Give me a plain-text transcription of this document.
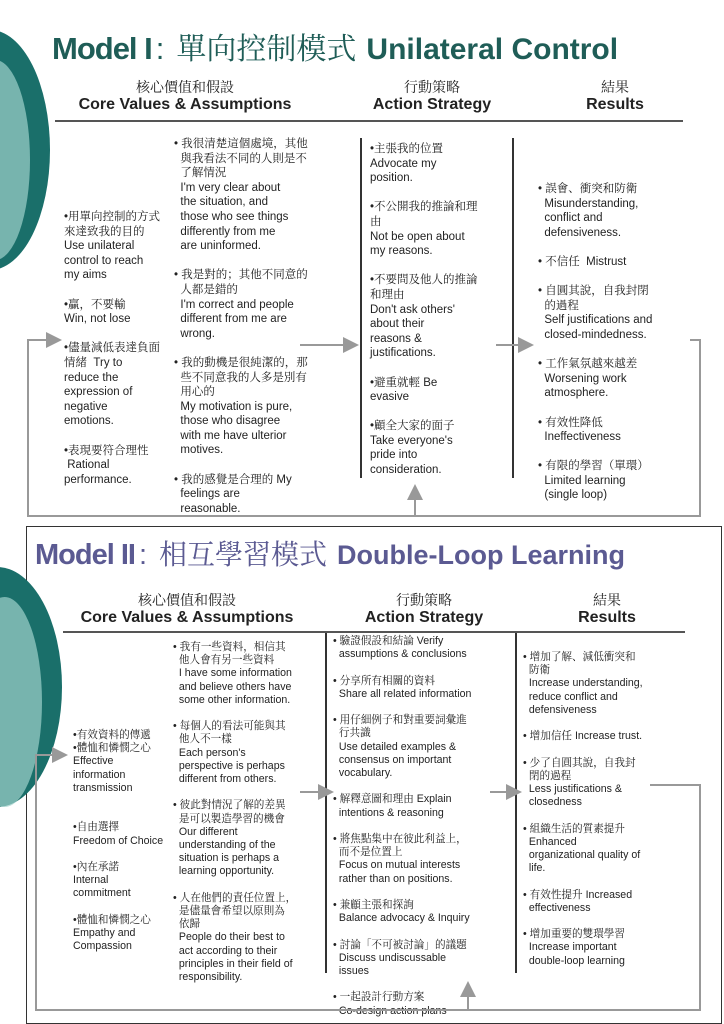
Model I : 單向控制模式 Unilateral Control
核心價值和假設
Core Values & Assumptions
行動策略
Action Strategy
結果
Results
•用單向控制的方式
來達致我的目的
Use unilateral
control to reach
my aims

•贏，不要輸
Win, not lose

•儘量減低表達負面
情緒  Try to
reduce the
expression of
negative
emotions.

•表現要符合理性
Rational
performance.
• 我很清楚這個處境，其他
與我看法不同的人則是不
了解情況
I'm very clear about
the situation, and
those who see things
differently from me
are uninformed.

• 我是對的；其他不同意的
人都是錯的
I'm correct and people
different from me are
wrong.

• 我的動機是很純潔的，那
些不同意我的人多是別有
用心的
My motivation is pure,
those who disagree
with me have ulterior
motives.

• 我的感覺是合理的 My
feelings are
reasonable.
•主張我的位置
Advocate my
position.

•不公開我的推論和理
由
Not be open about
my reasons.

•不要問及他人的推論
和理由
Don't ask others'
about their
reasons &
justifications.

•避重就輕 Be
evasive

•顧全大家的面子
Take everyone's
pride into
consideration.
• 誤會、衝突和防衛
Misunderstanding,
conflict and
defensiveness.

• 不信任  Mistrust

• 自圓其說，自我封閉
的過程
Self justifications and
closed-mindedness.

• 工作氣氛越來越差
Worsening work
atmosphere.

• 有效性降低
Ineffectiveness

• 有限的學習（單環）
Limited learning
(single loop)
Model II : 相互學習模式 Double-Loop Learning
核心價值和假設
Core Values & Assumptions
行動策略
Action Strategy
結果
Results
•有效資料的傳遞
•體恤和憐憫之心
Effective
information
transmission

•自由選擇
Freedom of Choice

•內在承諾
Internal
commitment

•體恤和憐憫之心
Empathy and
Compassion
• 我有一些資料，相信其
他人會有另一些資料
I have some information
and believe others have
some other information.

• 每個人的看法可能與其
他人不一樣
Each person's
perspective is perhaps
different from others.

• 彼此對情況了解的差異
是可以製造學習的機會
Our different
understanding of the
situation is perhaps a
learning opportunity.

• 人在他們的責任位置上，
是儘量會希望以原則為
依歸
People do their best to
act according to their
principles in their field of
responsibility.
• 驗證假設和結論 Verify
assumptions & conclusions

• 分享所有相關的資料
Share all related information

• 用仔細例子和對重要詞彙進
行共識
Use detailed examples &
consensus on important
vocabulary.

• 解釋意圖和理由 Explain
intentions & reasoning

• 將焦點集中在彼此利益上，
而不是位置上
Focus on mutual interests
rather than on positions.

• 兼顧主張和探詢
Balance advocacy & Inquiry

• 討論「不可被討論」的議題
Discuss undiscussable
issues

• 一起設計行動方案
Co-design action plans
• 增加了解、減低衝突和
防衛
Increase understanding,
reduce conflict and
defensiveness

• 增加信任 Increase trust.

• 少了自圓其說，自我封
閉的過程
Less justifications &
closedness

• 組織生活的質素提升
Enhanced
organizational quality of
life.

• 有效性提升 Increased
effectiveness

• 增加重要的雙環學習
Increase important
double-loop learning
